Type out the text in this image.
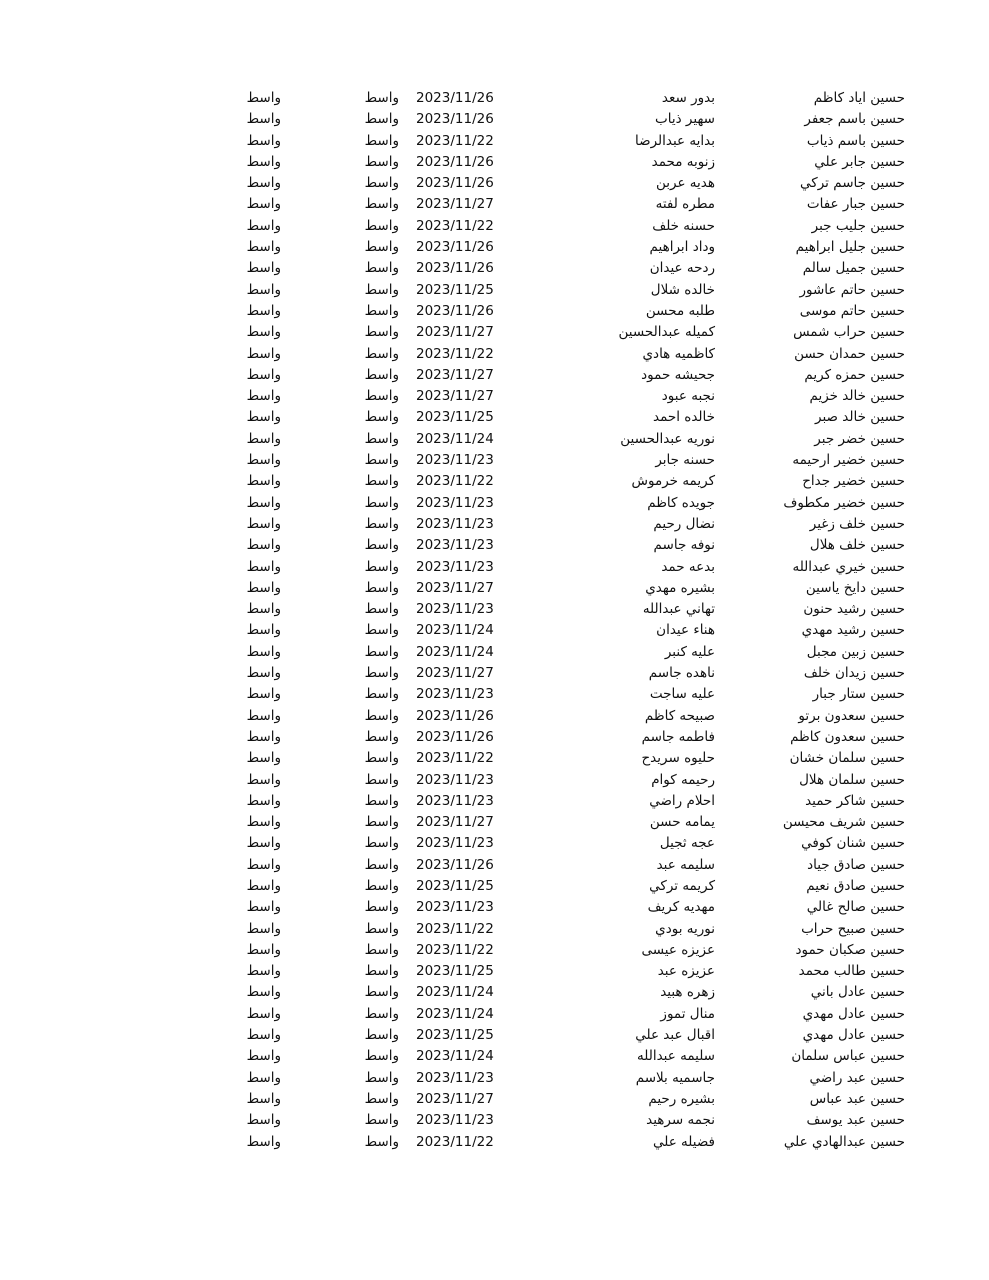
حسين اياد كاظم
بدور سعد
2023/11/26
واسط
واسط
حسين باسم جعفر
سهير ذياب
2023/11/26
واسط
واسط
حسين باسم ذياب
بدايه عبدالرضا
2023/11/22
واسط
واسط
حسين جابر علي
زنوبه محمد
2023/11/26
واسط
واسط
حسين جاسم تركي
هديه عربن
2023/11/26
واسط
واسط
حسين جبار عفات
مطره لفته
2023/11/27
واسط
واسط
حسين جليب جبر
حسنه خلف
2023/11/22
واسط
واسط
حسين جليل ابراهيم
وداد ابراهيم
2023/11/26
واسط
واسط
حسين جميل سالم
ردحه عيدان
2023/11/26
واسط
واسط
حسين حاتم عاشور
خالده شلال
2023/11/25
واسط
واسط
حسين حاتم موسى
طلبه محسن
2023/11/26
واسط
واسط
حسين حراب شمس
كميله عبدالحسين
2023/11/27
واسط
واسط
حسين حمدان حسن
كاظميه هادي
2023/11/22
واسط
واسط
حسين حمزه كريم
جحيشه حمود
2023/11/27
واسط
واسط
حسين خالد خزيم
نجبه عبود
2023/11/27
واسط
واسط
حسين خالد صبر
خالده احمد
2023/11/25
واسط
واسط
حسين خضر جبر
نوريه عبدالحسين
2023/11/24
واسط
واسط
حسين خضير ارحيمه
حسنه جابر
2023/11/23
واسط
واسط
حسين خضير جداح
كريمه خرموش
2023/11/22
واسط
واسط
حسين خضير مكطوف
جويده كاظم
2023/11/23
واسط
واسط
حسين خلف زغير
نضال رحيم
2023/11/23
واسط
واسط
حسين خلف هلال
نوفه جاسم
2023/11/23
واسط
واسط
حسين خيري عبدالله
بدعه حمد
2023/11/23
واسط
واسط
حسين دايخ ياسين
بشيره مهدي
2023/11/27
واسط
واسط
حسين رشيد حنون
تهاني عبدالله
2023/11/23
واسط
واسط
حسين رشيد مهدي
هناء عيدان
2023/11/24
واسط
واسط
حسين زبين مجبل
عليه كنبر
2023/11/24
واسط
واسط
حسين زيدان خلف
ناهده جاسم
2023/11/27
واسط
واسط
حسين ستار جبار
عليه ساجت
2023/11/23
واسط
واسط
حسين سعدون برتو
صبيحه كاظم
2023/11/26
واسط
واسط
حسين سعدون كاظم
فاطمه جاسم
2023/11/26
واسط
واسط
حسين سلمان خشان
حليوه سريدح
2023/11/22
واسط
واسط
حسين سلمان هلال
رحيمه كوام
2023/11/23
واسط
واسط
حسين شاكر حميد
احلام راضي
2023/11/23
واسط
واسط
حسين شريف محيسن
يمامه حسن
2023/11/27
واسط
واسط
حسين شنان كوفي
عجه ثجيل
2023/11/23
واسط
واسط
حسين صادق جياد
سليمه عبد
2023/11/26
واسط
واسط
حسين صادق نعيم
كريمه تركي
2023/11/25
واسط
واسط
حسين صالح غالي
مهديه كريف
2023/11/23
واسط
واسط
حسين صبيح حراب
نوريه بودي
2023/11/22
واسط
واسط
حسين صكبان حمود
عزيزه عيسى
2023/11/22
واسط
واسط
حسين طالب محمد
عزيزه عبد
2023/11/25
واسط
واسط
حسين عادل باني
زهره هبيد
2023/11/24
واسط
واسط
حسين عادل مهدي
منال تموز
2023/11/24
واسط
واسط
حسين عادل مهدي
اقبال عبد علي
2023/11/25
واسط
واسط
حسين عباس سلمان
سليمه عبدالله
2023/11/24
واسط
واسط
حسين عبد راضي
جاسميه بلاسم
2023/11/23
واسط
واسط
حسين عبد عباس
بشيره رحيم
2023/11/27
واسط
واسط
حسين عبد يوسف
نجمه سرهيد
2023/11/23
واسط
واسط
حسين عبدالهادي علي
فضيله علي
2023/11/22
واسط
واسط
